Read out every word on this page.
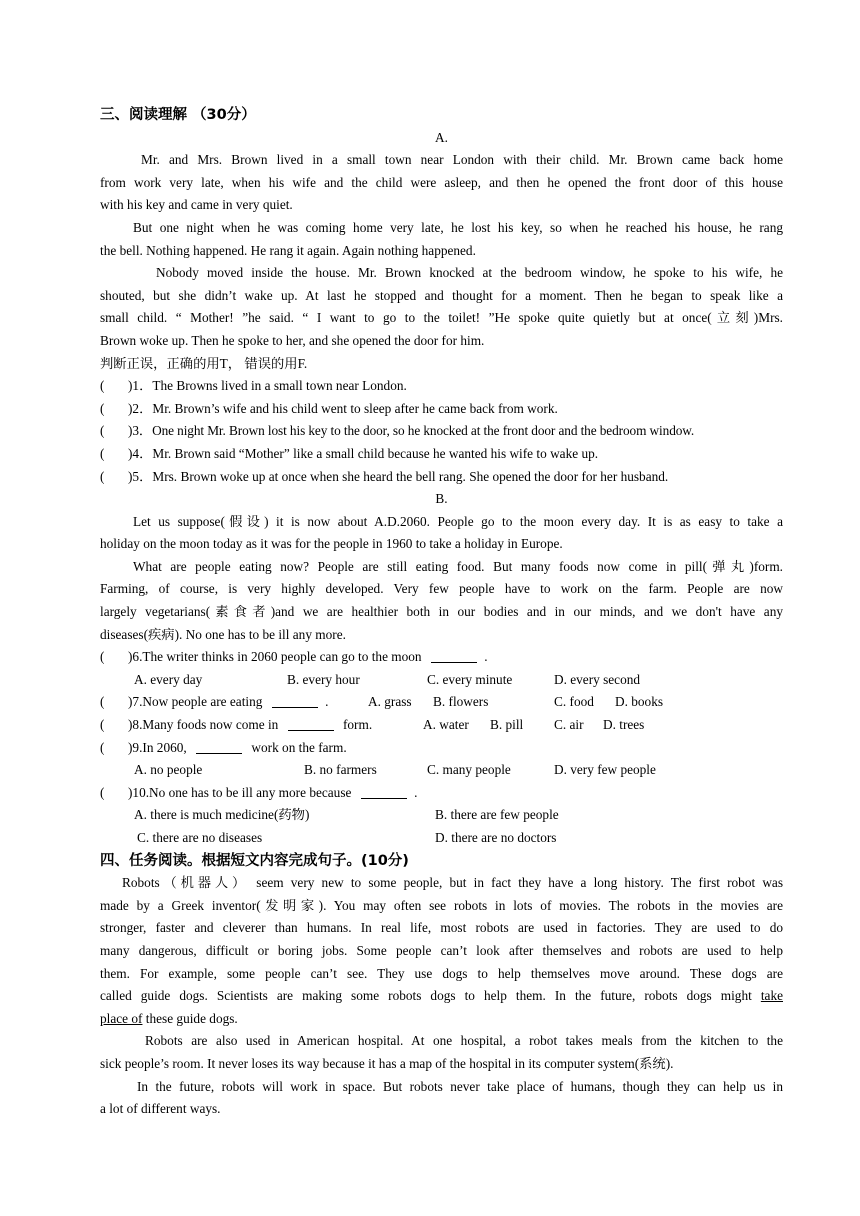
三、阅读理解 （30分）
A.
Mr. and Mrs. Brown lived in a small town near London with their child. Mr. Brown came back home
from work very late, when his wife and the child were asleep, and then he opened the front door of this house
with his key and came in very quiet.
But one night when he was coming home very late, he lost his key, so when he reached his house, he rang
the bell. Nothing happened. He rang it again. Again nothing happened.
Nobody moved inside the house. Mr. Brown knocked at the bedroom window, he spoke to his wife, he
shouted, but she didn’t wake up. At last he stopped and thought for a moment. Then he began to speak like a
small child. “ Mother! ”he said. “ I want to go to the toilet! ”He spoke quite quietly but at once(立刻)Mrs.
Brown woke up. Then he spoke to her, and she opened the door for him.
判断正误，正确的用T， 错误的用F.
( )1．The Browns lived in a small town near London.
( )2．Mr. Brown’s wife and his child went to sleep after he came back from work.
( )3．One night Mr. Brown lost his key to the door, so he knocked at the front door and the bedroom window.
( )4．Mr. Brown said “Mother” like a small child because he wanted his wife to wake up.
( )5．Mrs. Brown woke up at once when she heard the bell rang. She opened the door for her husband.
B.
Let us suppose(假设) it is now about A.D.2060. People go to the moon every day. It is as easy to take a
holiday on the moon today as it was for the people in 1960 to take a holiday in Europe.
What are people eating now? People are still eating food. But many foods now come in pill(弹丸)form.
Farming, of course, is very highly developed. Very few people have to work on the farm. People are now
largely vegetarians(素食者)and we are healthier both in our bodies and in our minds, and we don't have any
diseases(疾病). No one has to be ill any more.
( )6.The writer thinks in 2060 people can go to the moon	.
A. every day	B. every hour	C. every minute	D. every second
( )7.Now people are eating	.	A. grass B. flowers	C. food D. books
( )8.Many foods now come in	form.	A. water B. pill C. air D. trees
( )9.In 2060,	work on the farm.
A. no people	B. no farmers	C. many people	D. very few people
( )10.No one has to be ill any more because	.
A. there is much medicine(药物)	B. there are few people
C. there are no diseases	D. there are no doctors
四、任务阅读。根据短文内容完成句子。(10分)
Robots（机器人） seem very new to some people, but in fact they have a long history. The first robot was
made by a Greek inventor(发明家). You may often see robots in lots of movies. The robots in the movies are
stronger, faster and cleverer than humans. In real life, most robots are used in factories. They are used to do
many dangerous, difficult or boring jobs. Some people can’t look after themselves and robots are used to help
them. For example, some people can’t see. They use dogs to help themselves move around. These dogs are
called guide dogs. Scientists are making some robots dogs to help them. In the future, robots dogs might take
place of these guide dogs.
Robots are also used in American hospital. At one hospital, a robot takes meals from the kitchen to the
sick people’s room. It never loses its way because it has a map of the hospital in its computer system(系统).
In the future, robots will work in space. But robots never take place of humans, though they can help us in
a lot of different ways.
